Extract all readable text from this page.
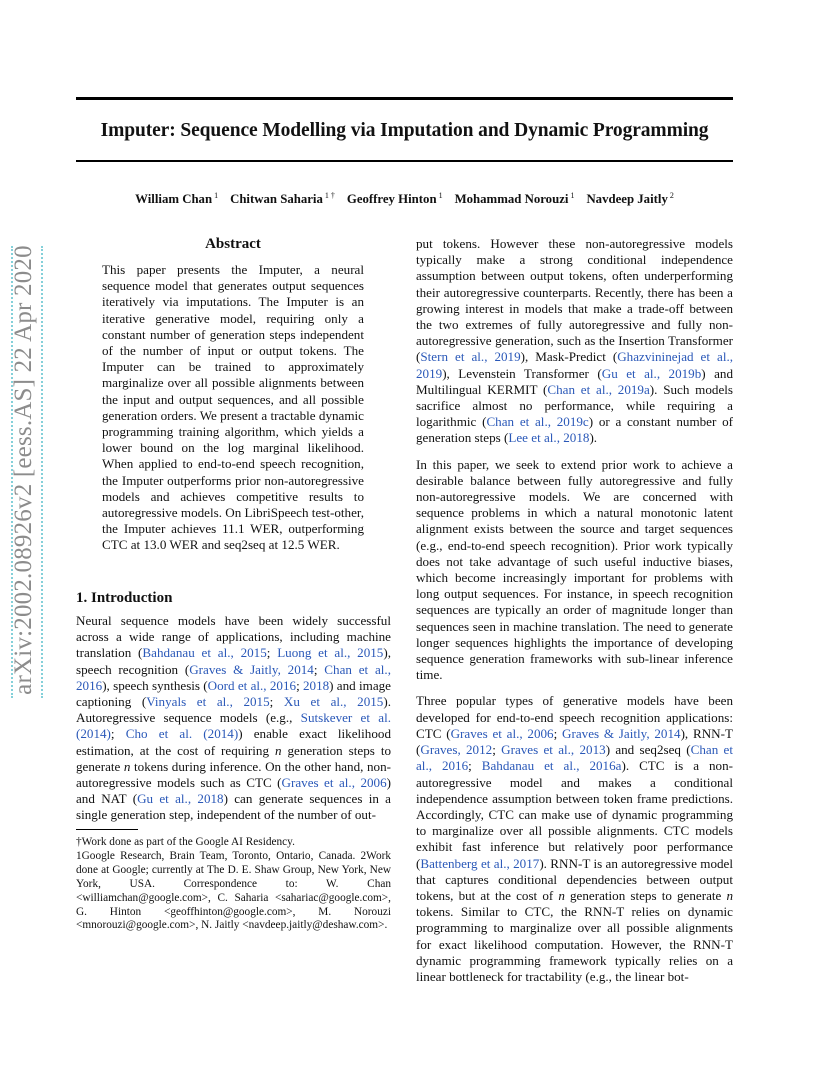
Imputer: Sequence Modelling via Imputation and Dynamic Programming
William Chan $^1$ Chitwan Saharia $^{1 \dagger}$ Geoffrey Hinton $^1$ Mohammad Norouzi $^1$ Navdeep Jaitly $^2$
arXiv:2002.08926v2 [eess.AS] 22 Apr 2020
Abstract
This paper presents the Imputer, a neural sequence model that generates output sequences iteratively via imputations. The Imputer is an iterative generative model, requiring only a constant number of generation steps independent of the number of input or output tokens. The Imputer can be trained to approximately marginalize over all possible alignments between the input and output sequences, and all possible generation orders. We present a tractable dynamic programming training algorithm, which yields a lower bound on the log marginal likelihood. When applied to end-to-end speech recognition, the Imputer outperforms prior non-autoregressive models and achieves competitive results to autoregressive models. On LibriSpeech test-other, the Imputer achieves 11.1 WER, outperforming CTC at 13.0 WER and seq2seq at 12.5 WER.
1. Introduction
Neural sequence models have been widely successful across a wide range of applications, including machine translation (Bahdanau et al., 2015; Luong et al., 2015), speech recognition (Graves & Jaitly, 2014; Chan et al., 2016), speech synthesis (Oord et al., 2016; 2018) and image captioning (Vinyals et al., 2015; Xu et al., 2015). Autoregressive sequence models (e.g., Sutskever et al. (2014); Cho et al. (2014)) enable exact likelihood estimation, at the cost of requiring n generation steps to generate n tokens during inference. On the other hand, non-autoregressive models such as CTC (Graves et al., 2006) and NAT (Gu et al., 2018) can generate sequences in a single generation step, independent of the number of out-

†Work done as part of the Google AI Residency.

1Google Research, Brain Team, Toronto, Ontario, Canada. 2Work done at Google; currently at The D. E. Shaw Group, New York, New York, USA. Correspondence to: W. Chan <williamchan@google.com>, C. Saharia <sahariac@google.com>, G. Hinton <geoffhinton@google.com>, M. Norouzi <mnorouzi@google.com>, N. Jaitly <navdeep.jaitly@deshaw.com>.

put tokens. However these non-autoregressive models typically make a strong conditional independence assumption between output tokens, often underperforming their autoregressive counterparts. Recently, there has been a growing interest in models that make a trade-off between the two extremes of fully autoregressive and fully non-autoregressive generation, such as the Insertion Transformer (Stern et al., 2019), Mask-Predict (Ghazvininejad et al., 2019), Levenstein Transformer (Gu et al., 2019b) and Multilingual KERMIT (Chan et al., 2019a). Such models sacrifice almost no performance, while requiring a logarithmic (Chan et al., 2019c) or a constant number of generation steps (Lee et al., 2018).

In this paper, we seek to extend prior work to achieve a desirable balance between fully autoregressive and fully non-autoregressive models. We are concerned with sequence problems in which a natural monotonic latent alignment exists between the source and target sequences (e.g., end-to-end speech recognition). Prior work typically does not take advantage of such useful inductive biases, which become increasingly important for problems with long output sequences. For instance, in speech recognition sequences are typically an order of magnitude longer than sequences seen in machine translation. The need to generate longer sequences highlights the importance of developing sequence generation frameworks with sub-linear inference time.

Three popular types of generative models have been developed for end-to-end speech recognition applications: CTC (Graves et al., 2006; Graves & Jaitly, 2014), RNN-T (Graves, 2012; Graves et al., 2013) and seq2seq (Chan et al., 2016; Bahdanau et al., 2016a). CTC is a non-autoregressive model and makes a conditional independence assumption between token frame predictions. Accordingly, CTC can make use of dynamic programming to marginalize over all possible alignments. CTC models exhibit fast inference but relatively poor performance (Battenberg et al., 2017). RNN-T is an autoregressive model that captures conditional dependencies between output tokens, but at the cost of n generation steps to generate n tokens. Similar to CTC, the RNN-T relies on dynamic programming to marginalize over all possible alignments for exact likelihood computation. However, the RNN-T dynamic programming framework typically relies on a linear bottleneck for tractability (e.g., the linear bot-
